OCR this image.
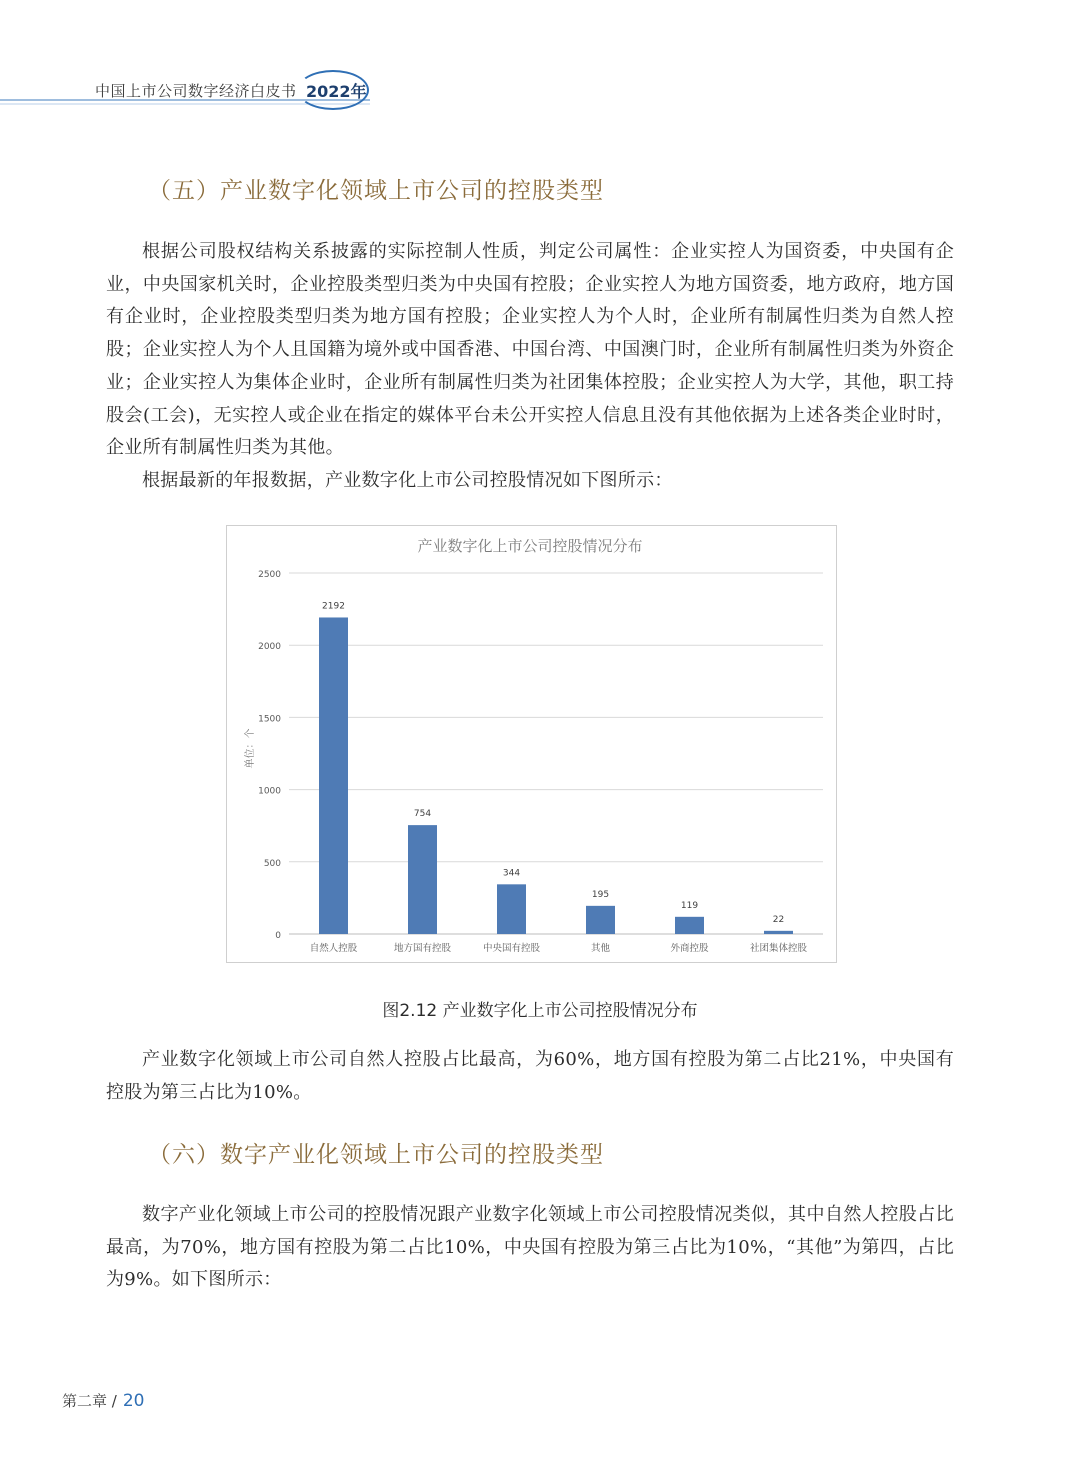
中国上市公司数字经济白皮书 2022年
（五）产业数字化领域上市公司的控股类型

根据公司股权结构关系披露的实际控制人性质，判定公司属性：企业实控人为国资委，中央国有企业，中央国家机关时，企业控股类型归类为中央国有控股；企业实控人为地方国资委，地方政府，地方国有企业时，企业控股类型归类为地方国有控股；企业实控人为个人时，企业所有制属性归类为自然人控股；企业实控人为个人且国籍为境外或中国香港、中国台湾、中国澳门时，企业所有制属性归类为外资企业；企业实控人为集体企业时，企业所有制属性归类为社团集体控股；企业实控人为大学，其他，职工持股会(工会)，无实控人或企业在指定的媒体平台未公开实控人信息且没有其他依据为上述各类企业时时，企业所有制属性归类为其他。

根据最新的年报数据，产业数字化上市公司控股情况如下图所示：

产业数字化上市公司控股情况分布
0
500
1000
1500
2000
2500
单位：个
2192
自然人控股
754
地方国有控股
344
中央国有控股
195
其他
119
外商控股
22
社团集体控股
图2.12 产业数字化上市公司控股情况分布

产业数字化领域上市公司自然人控股占比最高，为60%，地方国有控股为第二占比21%，中央国有控股为第三占比为10%。

（六）数字产业化领域上市公司的控股类型

数字产业化领域上市公司的控股情况跟产业数字化领域上市公司控股情况类似，其中自然人控股占比最高，为70%，地方国有控股为第二占比10%，中央国有控股为第三占比为10%，“其他”为第四，占比为9%。如下图所示：

第二章 / 20
